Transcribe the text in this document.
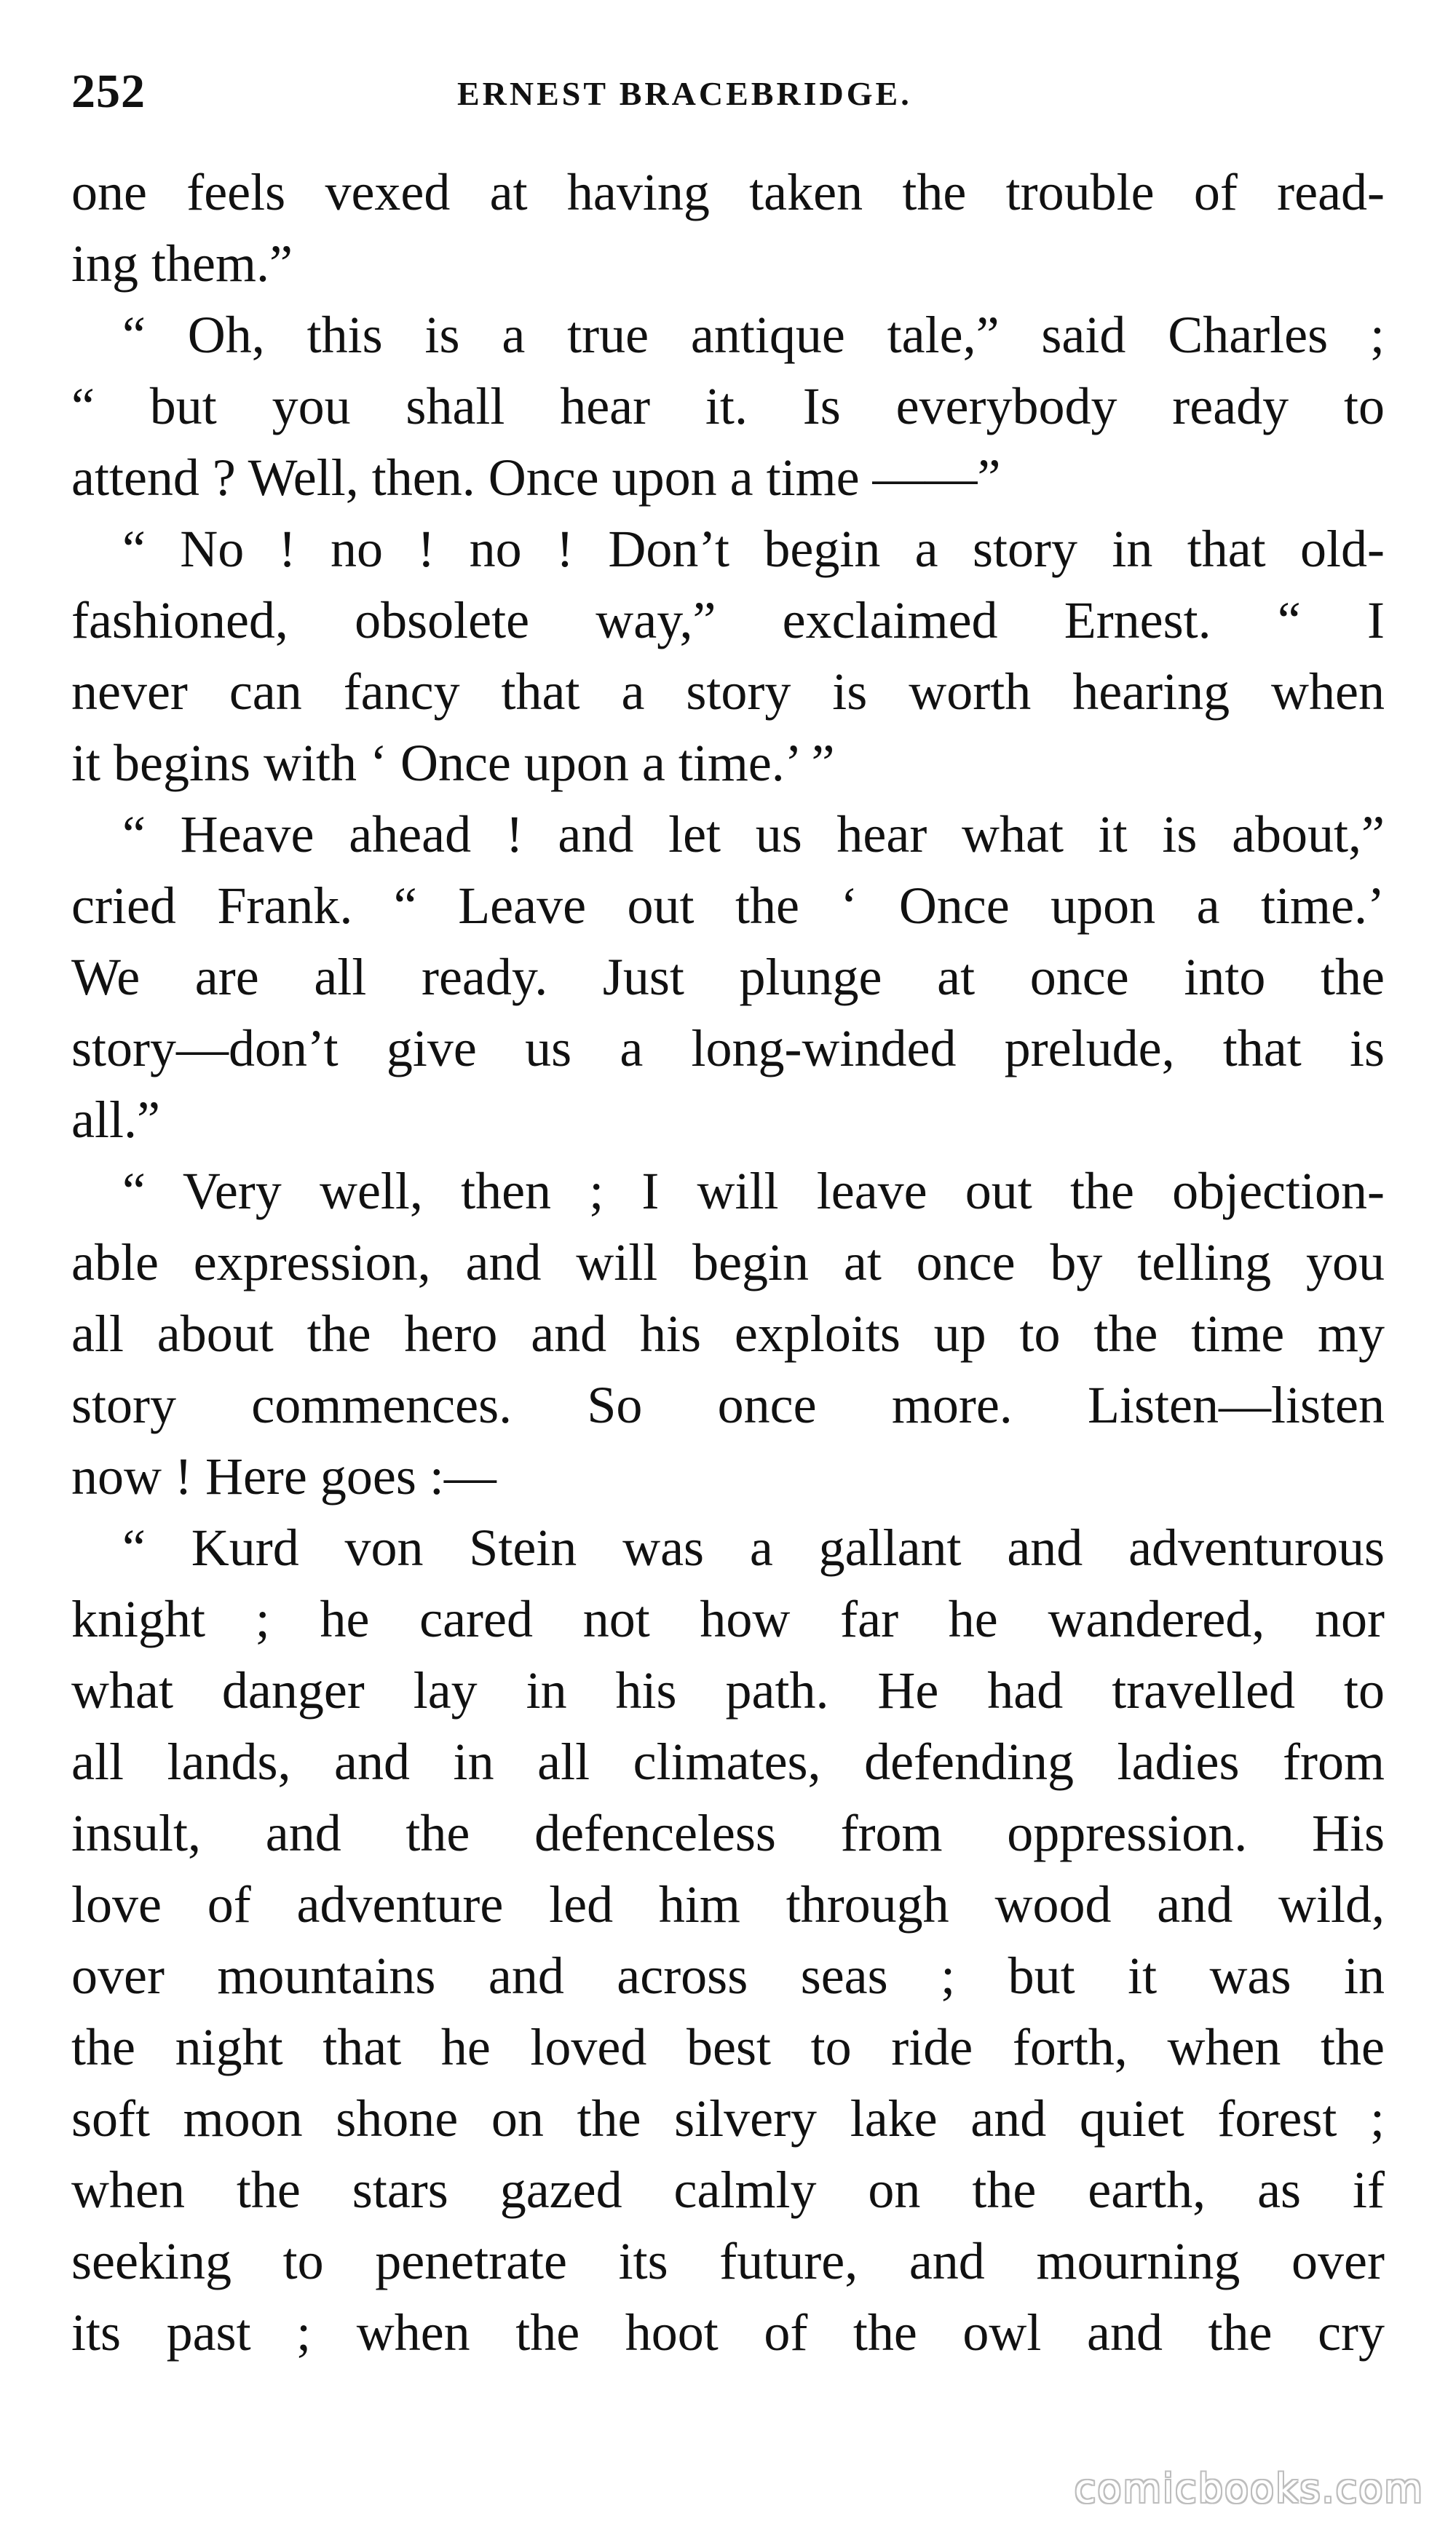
252	ERNEST BRACEBRIDGE.
one feels vexed at having taken the trouble of read-
ing them.”
“ Oh, this is a true antique tale,” said Charles ;
“ but you shall hear it. Is everybody ready to
attend ? Well, then. Once upon a time ——”
“ No ! no ! no ! Don’t begin a story in that old-
fashioned, obsolete way,” exclaimed Ernest. “ I
never can fancy that a story is worth hearing when
it begins with ‘ Once upon a time.’ ”
“ Heave ahead ! and let us hear what it is about,”
cried Frank. “ Leave out the ‘ Once upon a time.’
We are all ready. Just plunge at once into the
story—don’t give us a long-winded prelude, that is
all.”
“ Very well, then ; I will leave out the objection-
able expression, and will begin at once by telling you
all about the hero and his exploits up to the time my
story commences. So once more. Listen—listen
now ! Here goes :—
“ Kurd von Stein was a gallant and adventurous
knight ; he cared not how far he wandered, nor
what danger lay in his path. He had travelled to
all lands, and in all climates, defending ladies from
insult, and the defenceless from oppression. His
love of adventure led him through wood and wild,
over mountains and across seas ; but it was in
the night that he loved best to ride forth, when the
soft moon shone on the silvery lake and quiet forest ;
when the stars gazed calmly on the earth, as if
seeking to penetrate its future, and mourning over
its past ; when the hoot of the owl and the cry
comicbooks.com
